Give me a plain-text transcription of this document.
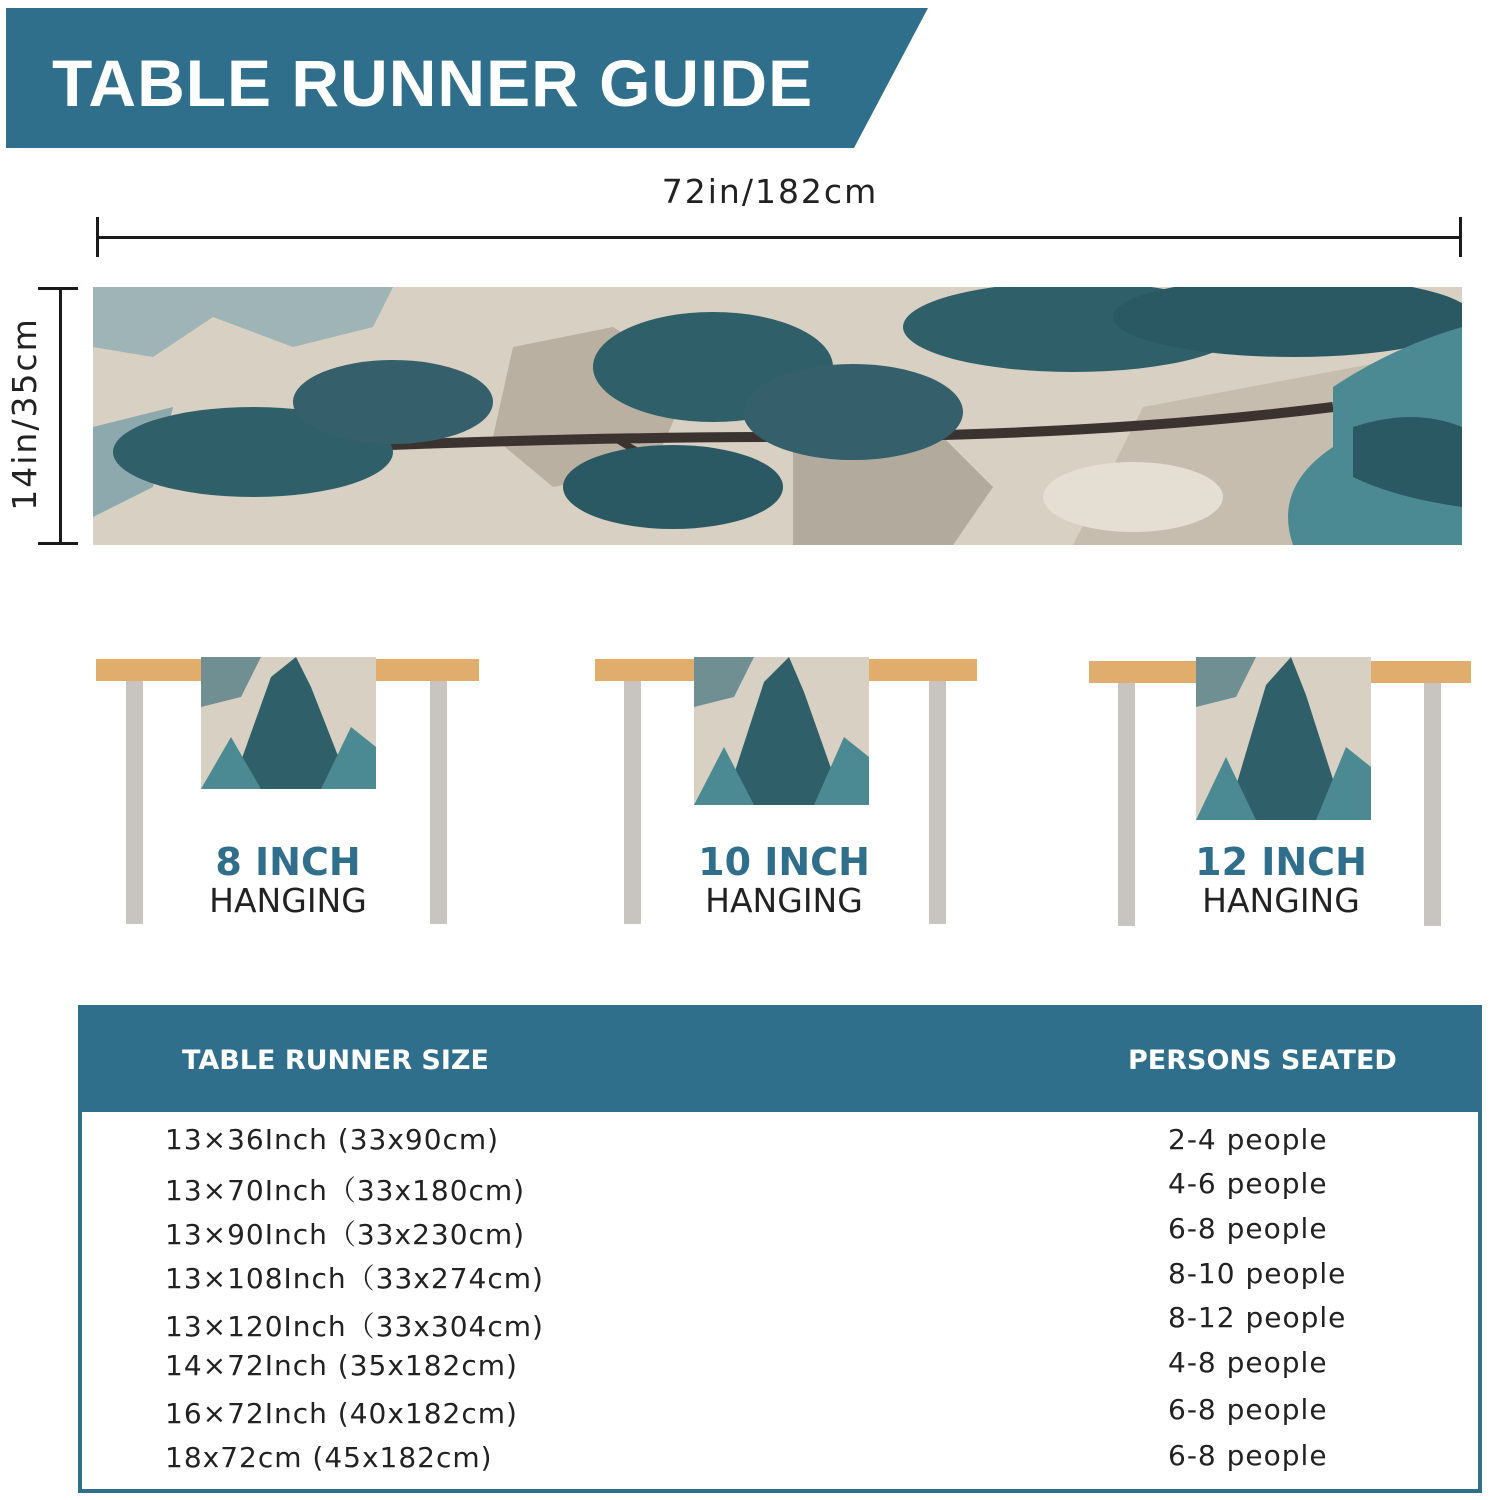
TABLE RUNNER GUIDE
72in/182cm
14in/35cm
8 INCH
HANGING
10 INCH
HANGING
12 INCH
HANGING
TABLE RUNNER SIZE	PERSONS SEATED
13×36Inch (33x90cm)	2-4 people
13×70Inch（33x180cm)	4-6 people
13×90Inch（33x230cm)	6-8 people
13×108Inch（33x274cm)	8-10 people
13×120Inch（33x304cm)	8-12 people
14×72Inch (35x182cm)	4-8 people
16×72Inch (40x182cm)	6-8 people
18x72cm (45x182cm)	6-8 people
